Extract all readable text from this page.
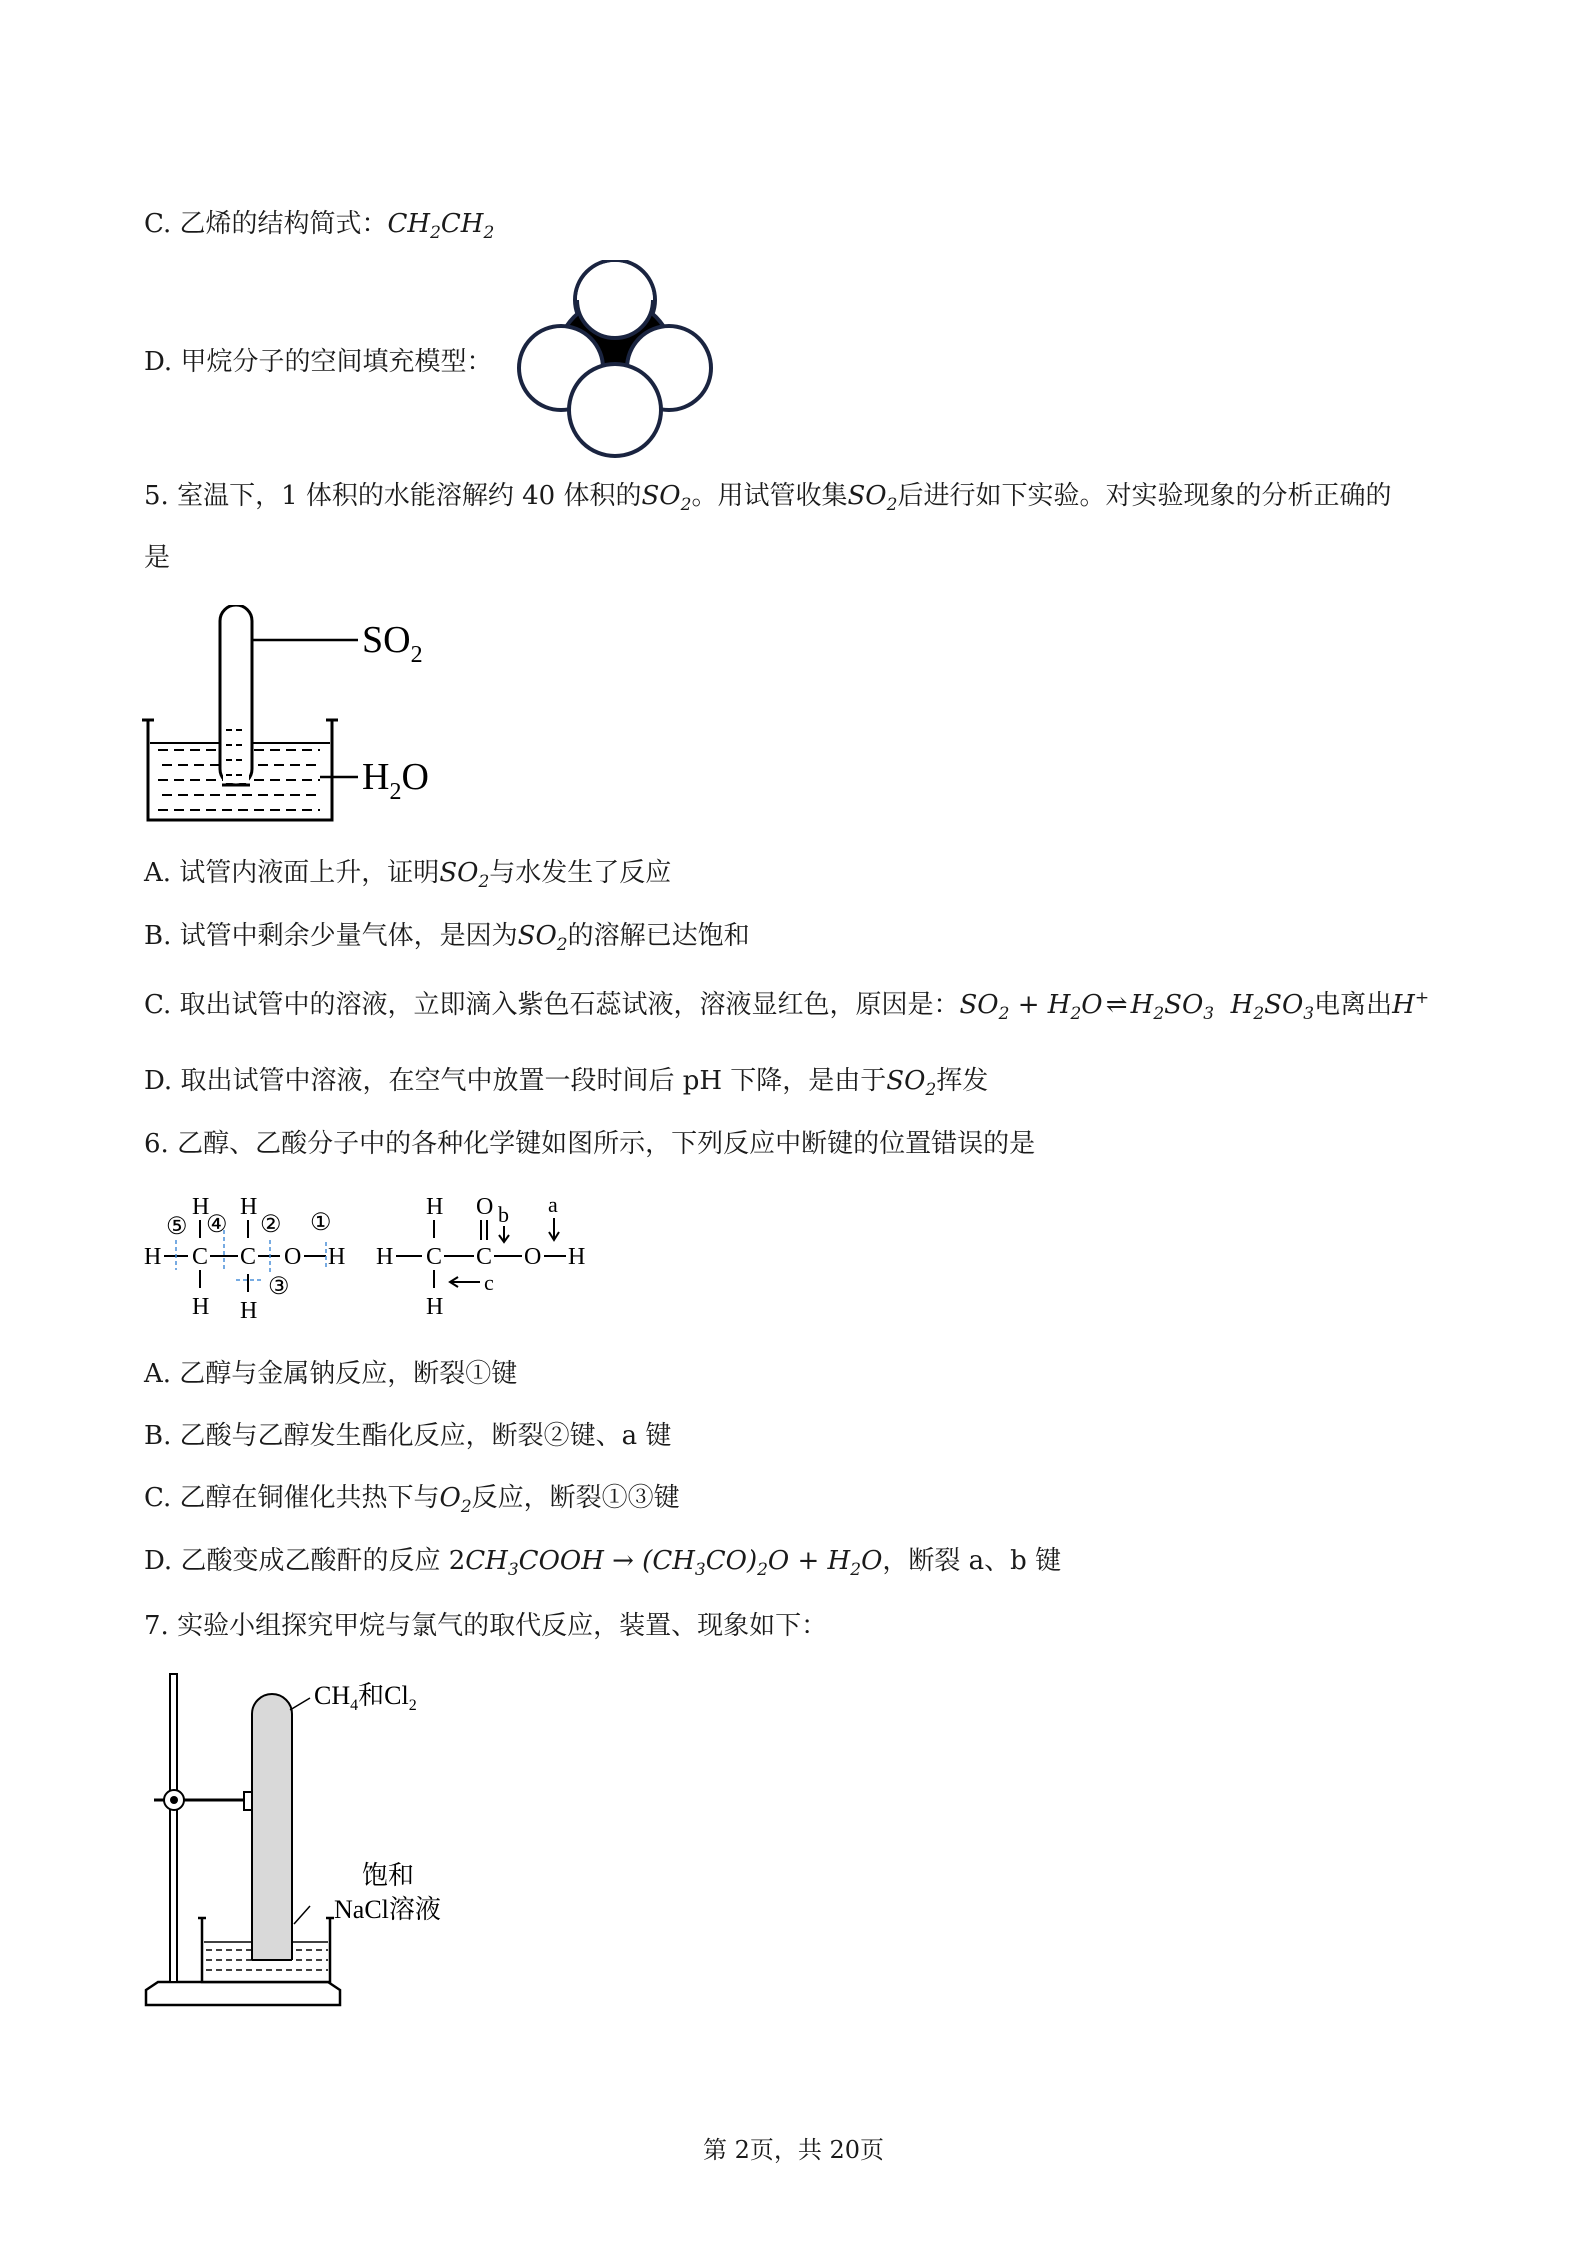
C. 乙烯的结构简式：$CH_2CH_2$
D. 甲烷分子的空间填充模型：
5. 室温下，1 体积的水能溶解约 40 体积的$SO_2$。用试管收集$SO_2$后进行如下实验。对实验现象的分析正确的
是
$SO_2$
$H_2O$
A. 试管内液面上升，证明$SO_2$与水发生了反应
B. 试管中剩余少量气体，是因为$SO_2$的溶解已达饱和
C. 取出试管中的溶液，立即滴入紫色石蕊试液，溶液显红色，原因是：$SO_2 + H_2O$ ⇌ $H_2SO_3$ $H_2SO_3$电离出H+
D. 取出试管中溶液，在空气中放置一段时间后 pH 下降，是由于$SO_2$挥发
6. 乙醇、乙酸分子中的各种化学键如图所示，下列反应中断键的位置错误的是
H C C O H
H H
H H
⑤ ④ ② ①
③
H C C O H
H
H
O b a
c
A. 乙醇与金属钠反应，断裂①键
B. 乙酸与乙醇发生酯化反应，断裂②键、a 键
C. 乙醇在铜催化共热下与$O_2$反应，断裂①③键
D. 乙酸变成乙酸酐的反应 $2CH_3COOH \to (CH_3CO)_2O + H_2O$，断裂 a、b 键
7. 实验小组探究甲烷与氯气的取代反应，装置、现象如下：
$CH_4$和$Cl_2$
饱和
NaCl溶液
第 2页，共 20页
